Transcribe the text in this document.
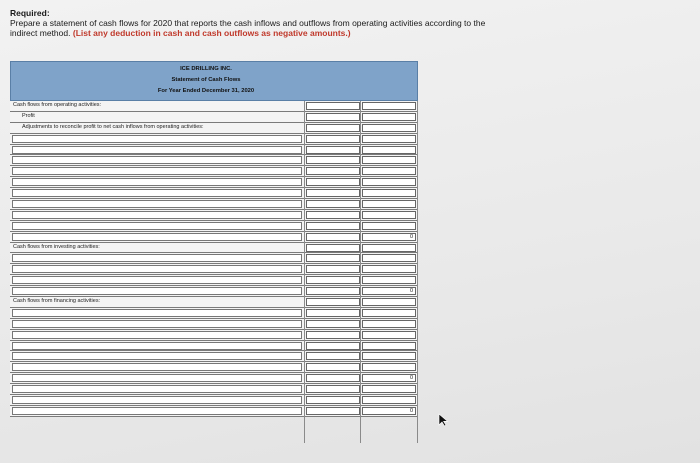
Required:
Prepare a statement of cash flows for 2020 that reports the cash inflows and outflows from operating activities according to the
indirect method. (List any deduction in cash and cash outflows as negative amounts.)
ICE DRILLING INC.
Statement of Cash Flows
For Year Ended December 31, 2020
Cash flows from operating activities:
Profit
Adjustments to reconcile profit to net cash inflows from operating activities:
0
Cash flows from investing activities:
0
Cash flows from financing activities:
0
0
